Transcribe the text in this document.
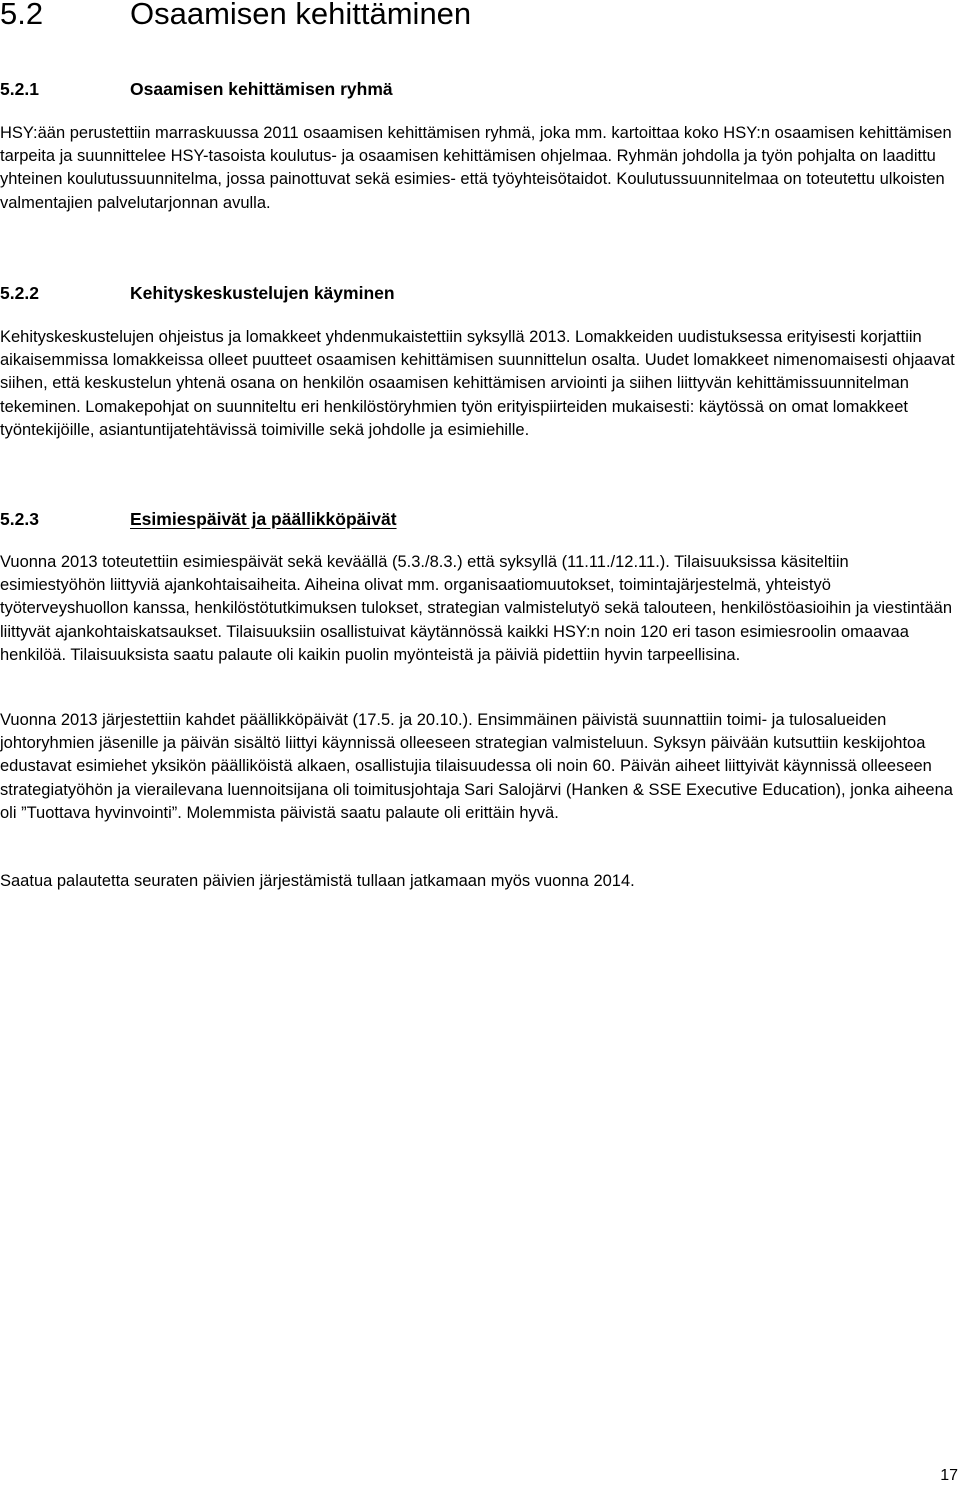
5.2	Osaamisen kehittäminen
5.2.1	Osaamisen kehittämisen ryhmä

HSY:ään perustettiin marraskuussa 2011 osaamisen kehittämisen ryhmä, joka mm. kartoittaa koko HSY:n osaamisen kehittämisen tarpeita ja suunnittelee HSY-tasoista koulutus- ja osaamisen kehittämisen ohjelmaa. Ryhmän johdolla ja työn pohjalta on laadittu yhteinen koulutussuunnitelma, jossa painottuvat sekä esimies- että työyhteisötaidot. Koulutussuunnitelmaa on toteutettu ulkoisten valmentajien palvelutarjonnan avulla.

5.2.2	Kehityskeskustelujen käyminen

Kehityskeskustelujen ohjeistus ja lomakkeet yhdenmukaistettiin syksyllä 2013. Lomakkeiden uudistuksessa erityisesti korjattiin aikaisemmissa lomakkeissa olleet puutteet osaamisen kehittämisen suunnittelun osalta. Uudet lomakkeet nimenomaisesti ohjaavat siihen, että keskustelun yhtenä osana on henkilön osaamisen kehittämisen arviointi ja siihen liittyvän kehittämissuunnitelman tekeminen. Lomakepohjat on suunniteltu eri henkilöstöryhmien työn erityispiirteiden mukaisesti: käytössä on omat lomakkeet työntekijöille, asiantuntijatehtävissä toimiville sekä johdolle ja esimiehille.

5.2.3	Esimiespäivät ja päällikköpäivät

Vuonna 2013 toteutettiin esimiespäivät sekä keväällä (5.3./8.3.) että syksyllä (11.11./12.11.). Tilaisuuksissa käsiteltiin esimiestyöhön liittyviä ajankohtaisaiheita. Aiheina olivat mm. organisaatiomuutokset, toimintajärjestelmä, yhteistyö työterveyshuollon kanssa, henkilöstötutkimuksen tulokset, strategian valmistelutyö sekä talouteen, henkilöstöasioihin ja viestintään liittyvät ajankohtaiskatsaukset. Tilaisuuksiin osallistuivat käytännössä kaikki HSY:n noin 120 eri tason esimiesroolin omaavaa henkilöä. Tilaisuuksista saatu palaute oli kaikin puolin myönteistä ja päiviä pidettiin hyvin tarpeellisina.

Vuonna 2013 järjestettiin kahdet päällikköpäivät (17.5. ja 20.10.). Ensimmäinen päivistä suunnattiin toimi- ja tulosalueiden johtoryhmien jäsenille ja päivän sisältö liittyi käynnissä olleeseen strategian valmisteluun. Syksyn päivään kutsuttiin keskijohtoa edustavat esimiehet yksikön päälliköistä alkaen, osallistujia tilaisuudessa oli noin 60. Päivän aiheet liittyivät käynnissä olleeseen strategiatyöhön ja vierailevana luennoitsijana oli toimitusjohtaja Sari Salojärvi (Hanken & SSE Executive Education), jonka aiheena oli ”Tuottava hyvinvointi”. Molemmista päivistä saatu palaute oli erittäin hyvä.

Saatua palautetta seuraten päivien järjestämistä tullaan jatkamaan myös vuonna 2014.

17
